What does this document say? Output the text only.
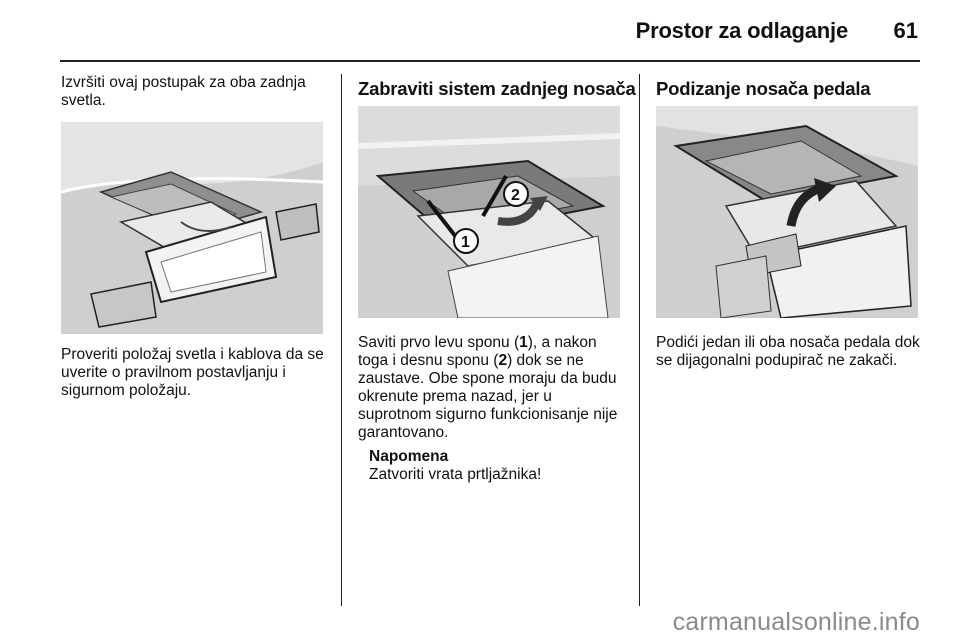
Prostor za odlaganje 61

Izvršiti ovaj postupak za oba zadnja svetla.

Proveriti položaj svetla i kablova da se uverite o pravilnom postavljanju i sigurnom položaju.

Zabraviti sistem zadnjeg nosača
1
2

Saviti prvo levu sponu (1), a nakon toga i desnu sponu (2) dok se ne zaustave. Obe spone moraju da budu okrenute prema nazad, jer u suprotnom sigurno funkcionisanje nije garantovano.

Napomena
Zatvoriti vrata prtljažnika!
Podizanje nosača pedala

Podići jedan ili oba nosača pedala dok se dijagonalni podupirač ne zakači.

carmanualsonline.info
